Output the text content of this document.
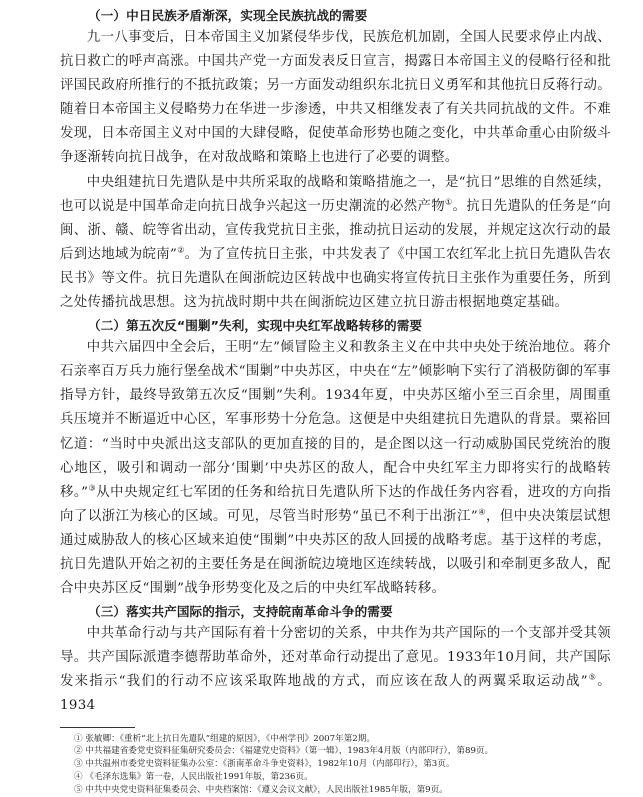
（一）中日民族矛盾渐深，实现全民族抗战的需要

九一八事变后，日本帝国主义加紧侵华步伐，民族危机加剧，全国人民要求停止内战、抗日救亡的呼声高涨。中国共产党一方面发表反日宣言，揭露日本帝国主义的侵略行径和批评国民政府所推行的不抵抗政策；另一方面发动组织东北抗日义勇军和其他抗日反蒋行动。随着日本帝国主义侵略势力在华进一步渗透，中共又相继发表了有关共同抗战的文件。不难发现，日本帝国主义对中国的大肆侵略，促使革命形势也随之变化，中共革命重心由阶级斗争逐渐转向抗日战争，在对敌战略和策略上也进行了必要的调整。

中央组建抗日先遣队是中共所采取的战略和策略措施之一，是“抗日”思维的自然延续，也可以说是中国革命走向抗日战争兴起这一历史潮流的必然产物①。抗日先遣队的任务是“向闽、浙、赣、皖等省出动，宣传我党抗日主张，推动抗日运动的发展，并规定这次行动的最后到达地域为皖南”②。为了宣传抗日主张，中共发表了《中国工农红军北上抗日先遣队告农民书》等文件。抗日先遣队在闽浙皖边区转战中也确实将宣传抗日主张作为重要任务，所到之处传播抗战思想。这为抗战时期中共在闽浙皖边区建立抗日游击根据地奠定基础。

（二）第五次反“围剿”失利，实现中央红军战略转移的需要

中共六届四中全会后，王明“左”倾冒险主义和教条主义在中共中央处于统治地位。蒋介石亲率百万兵力施行堡垒战术“围剿”中央苏区，中央在“左”倾影响下实行了消极防御的军事指导方针，最终导致第五次反“围剿”失利。1934年夏，中央苏区缩小至三百余里，周围重兵压境并不断逼近中心区，军事形势十分危急。这便是中央组建抗日先遣队的背景。粟裕回忆道：“当时中央派出这支部队的更加直接的目的，是企图以这一行动威胁国民党统治的腹心地区，吸引和调动一部分‘围剿’中央苏区的敌人，配合中央红军主力即将实行的战略转移。”③从中央规定红七军团的任务和给抗日先遣队所下达的作战任务内容看，进攻的方向指向了以浙江为核心的区域。可见，尽管当时形势“虽已不利于出浙江”④，但中央决策层试想通过威胁敌人的核心区域来迫使“围剿”中央苏区的敌人回援的战略考虑。基于这样的考虑，抗日先遣队开始之初的主要任务是在闽浙皖边境地区连续转战，以吸引和牵制更多敌人，配合中央苏区反“围剿”战争形势变化及之后的中央红军战略转移。

（三）落实共产国际的指示，支持皖南革命斗争的需要

中共革命行动与共产国际有着十分密切的关系，中共作为共产国际的一个支部并受其领导。共产国际派遣李德帮助革命外，还对革命行动提出了意见。1933年10月间，共产国际发来指示“我们的行动不应该采取阵地战的方式，而应该在敌人的两翼采取运动战”⑤。1934

① 张敏卿：《重析“北上抗日先遣队”组建的原因》，《中州学刊》2007年第2期。
② 中共福建省委党史资料征集研究委员会：《福建党史资料》（第一辑），1983年4月版（内部印行），第89页。
③ 中共温州市委党史资料征集办公室：《浙南革命斗争史资料》，1982年10月（内部印行），第3页。
④ 《毛泽东选集》第一卷，人民出版社1991年版，第236页。
⑤ 中共中央党史资料征集委员会、中央档案馆：《遵义会议文献》，人民出版社1985年版，第9页。
